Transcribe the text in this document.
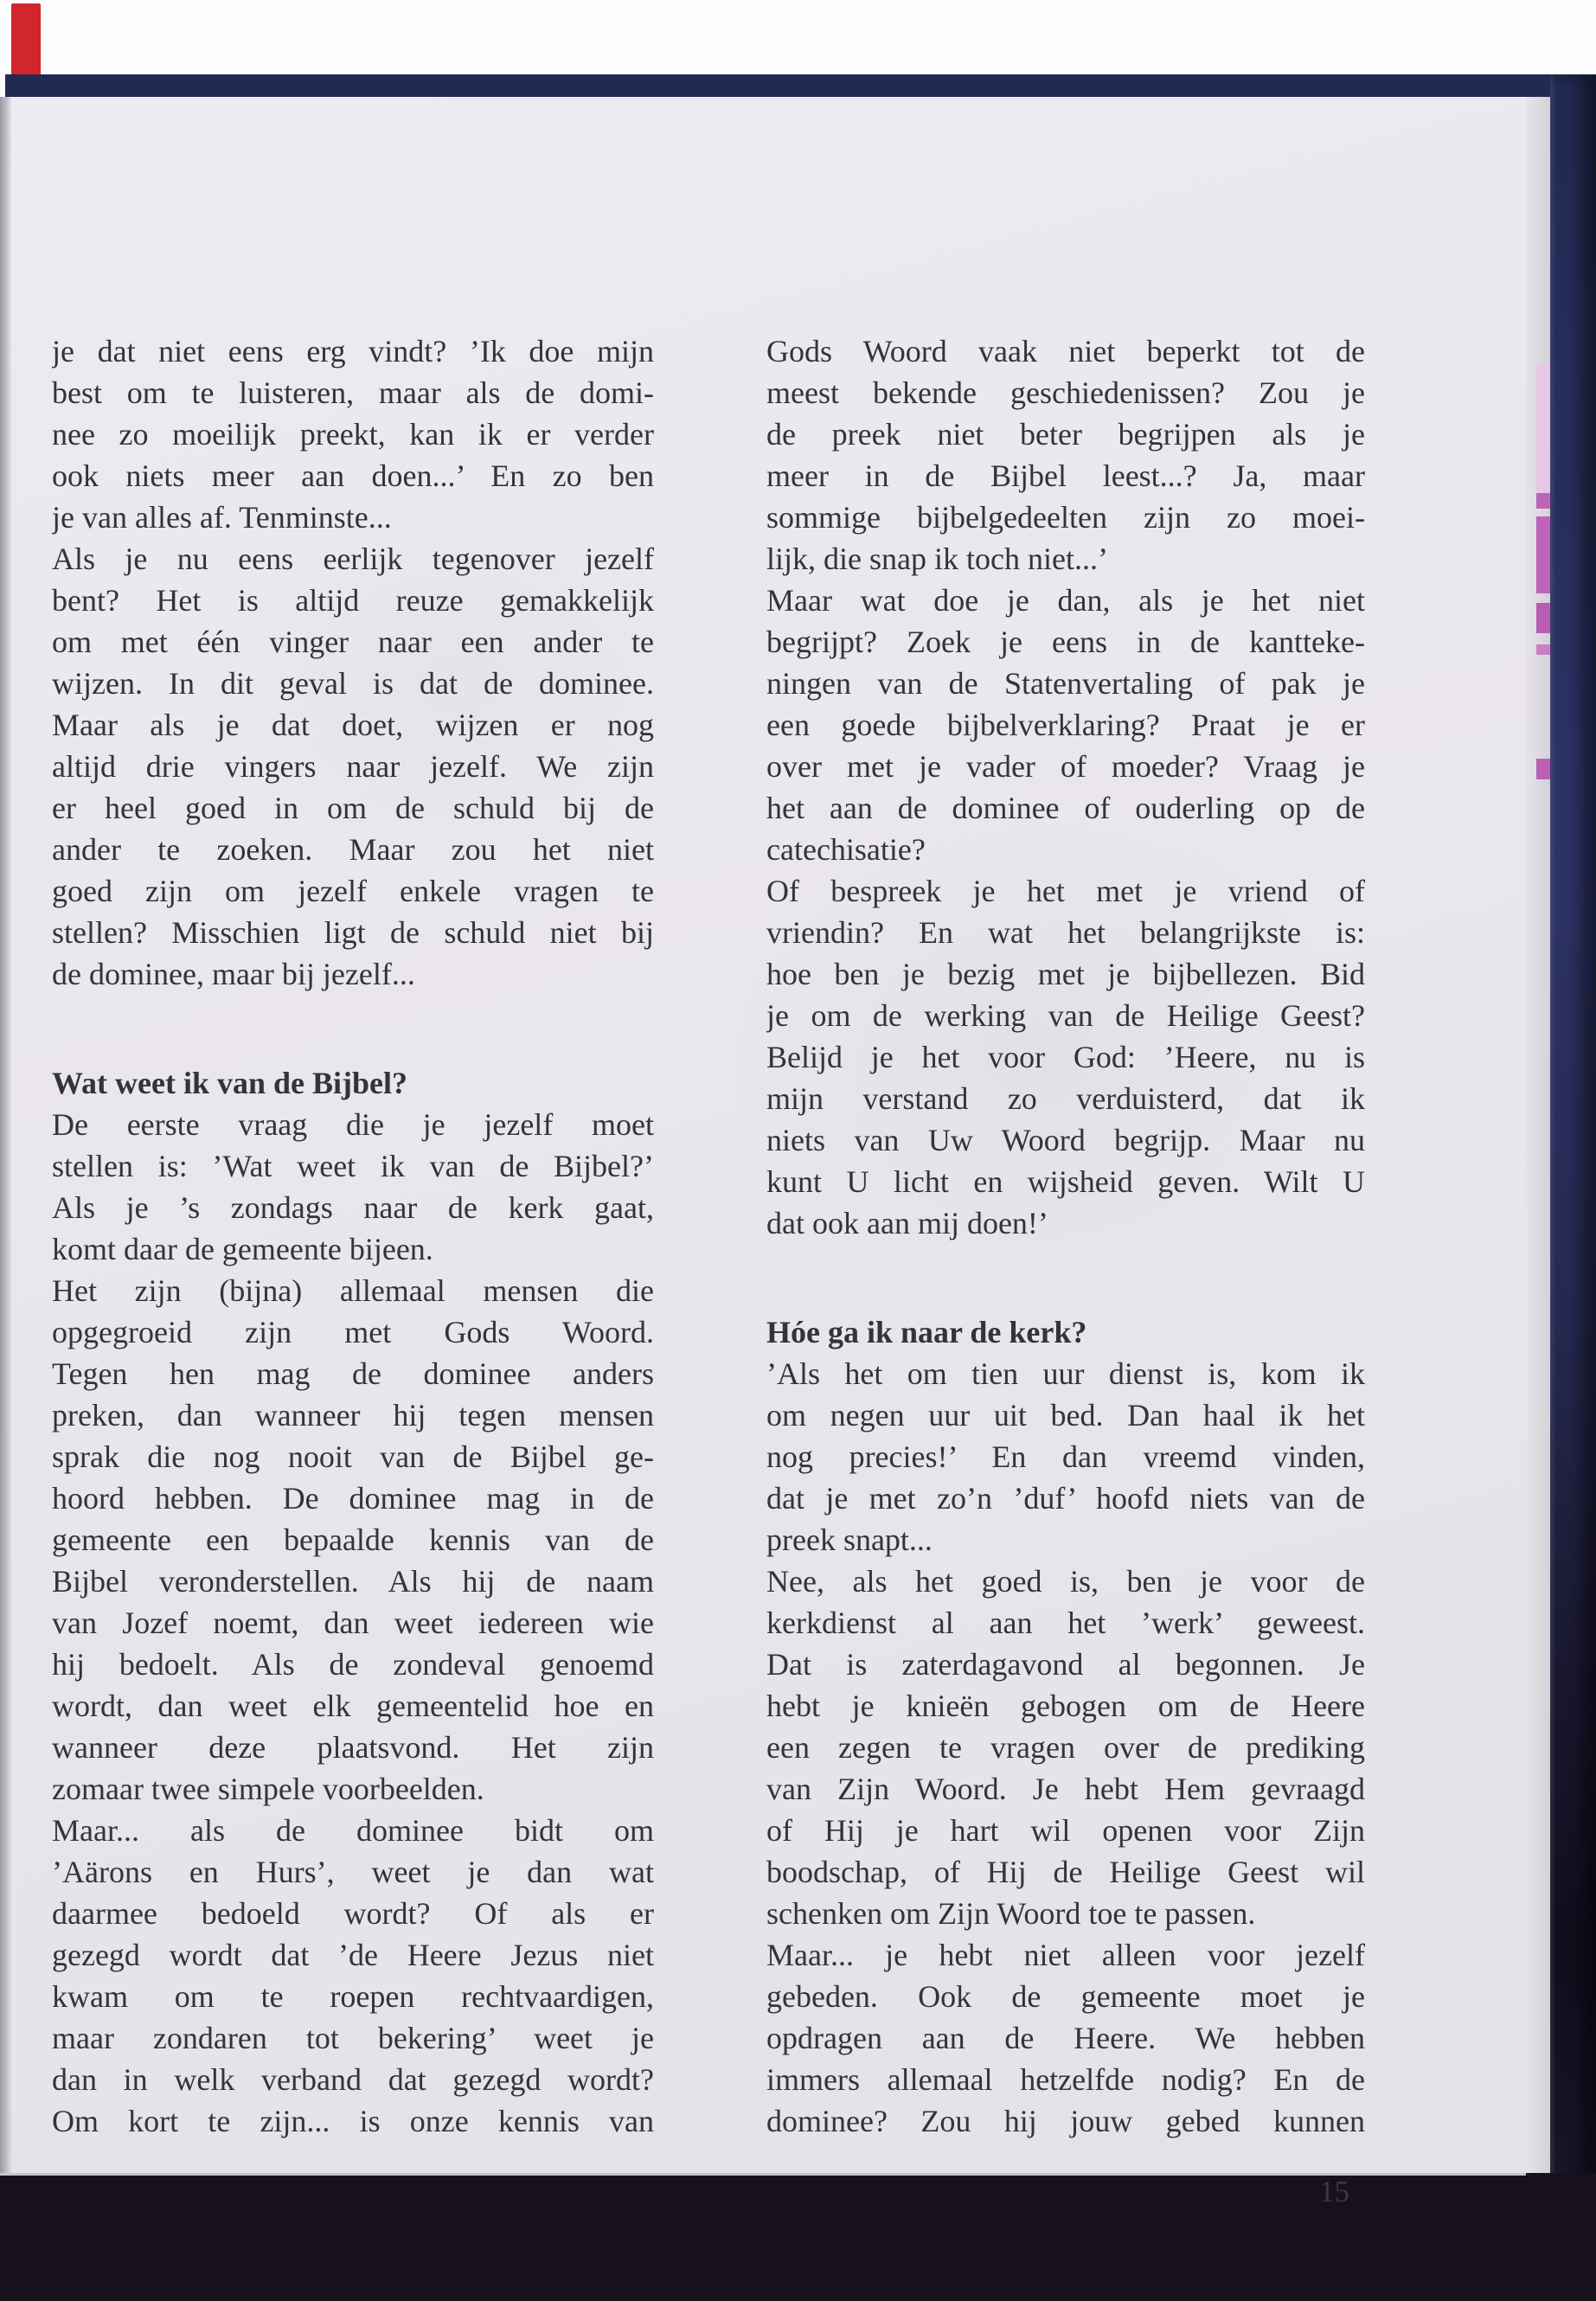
je dat niet eens erg vindt? ’Ik doe mijn
best om te luisteren, maar als de domi-
nee zo moeilijk preekt, kan ik er verder
ook niets meer aan doen...’ En zo ben
je van alles af. Tenminste...
Als je nu eens eerlijk tegenover jezelf
bent? Het is altijd reuze gemakkelijk
om met één vinger naar een ander te
wijzen. In dit geval is dat de dominee.
Maar als je dat doet, wijzen er nog
altijd drie vingers naar jezelf. We zijn
er heel goed in om de schuld bij de
ander te zoeken. Maar zou het niet
goed zijn om jezelf enkele vragen te
stellen? Misschien ligt de schuld niet bij
de dominee, maar bij jezelf...
Wat weet ik van de Bijbel?
De eerste vraag die je jezelf moet
stellen is: ’Wat weet ik van de Bijbel?’
Als je ’s zondags naar de kerk gaat,
komt daar de gemeente bijeen.
Het zijn (bijna) allemaal mensen die
opgegroeid zijn met Gods Woord.
Tegen hen mag de dominee anders
preken, dan wanneer hij tegen mensen
sprak die nog nooit van de Bijbel ge-
hoord hebben. De dominee mag in de
gemeente een bepaalde kennis van de
Bijbel veronderstellen. Als hij de naam
van Jozef noemt, dan weet iedereen wie
hij bedoelt. Als de zondeval genoemd
wordt, dan weet elk gemeentelid hoe en
wanneer deze plaatsvond. Het zijn
zomaar twee simpele voorbeelden.
Maar... als de dominee bidt om
’Aärons en Hurs’, weet je dan wat
daarmee bedoeld wordt? Of als er
gezegd wordt dat ’de Heere Jezus niet
kwam om te roepen rechtvaardigen,
maar zondaren tot bekering’ weet je
dan in welk verband dat gezegd wordt?
Om kort te zijn... is onze kennis van
Gods Woord vaak niet beperkt tot de
meest bekende geschiedenissen? Zou je
de preek niet beter begrijpen als je
meer in de Bijbel leest...? Ja, maar
sommige bijbelgedeelten zijn zo moei-
lijk, die snap ik toch niet...’
Maar wat doe je dan, als je het niet
begrijpt? Zoek je eens in de kantteke-
ningen van de Statenvertaling of pak je
een goede bijbelverklaring? Praat je er
over met je vader of moeder? Vraag je
het aan de dominee of ouderling op de
catechisatie?
Of bespreek je het met je vriend of
vriendin? En wat het belangrijkste is:
hoe ben je bezig met je bijbellezen. Bid
je om de werking van de Heilige Geest?
Belijd je het voor God: ’Heere, nu is
mijn verstand zo verduisterd, dat ik
niets van Uw Woord begrijp. Maar nu
kunt U licht en wijsheid geven. Wilt U
dat ook aan mij doen!’
Hóe ga ik naar de kerk?
’Als het om tien uur dienst is, kom ik
om negen uur uit bed. Dan haal ik het
nog precies!’ En dan vreemd vinden,
dat je met zo’n ’duf’ hoofd niets van de
preek snapt...
Nee, als het goed is, ben je voor de
kerkdienst al aan het ’werk’ geweest.
Dat is zaterdagavond al begonnen. Je
hebt je knieën gebogen om de Heere
een zegen te vragen over de prediking
van Zijn Woord. Je hebt Hem gevraagd
of Hij je hart wil openen voor Zijn
boodschap, of Hij de Heilige Geest wil
schenken om Zijn Woord toe te passen.
Maar... je hebt niet alleen voor jezelf
gebeden. Ook de gemeente moet je
opdragen aan de Heere. We hebben
immers allemaal hetzelfde nodig? En de
dominee? Zou hij jouw gebed kunnen
15
